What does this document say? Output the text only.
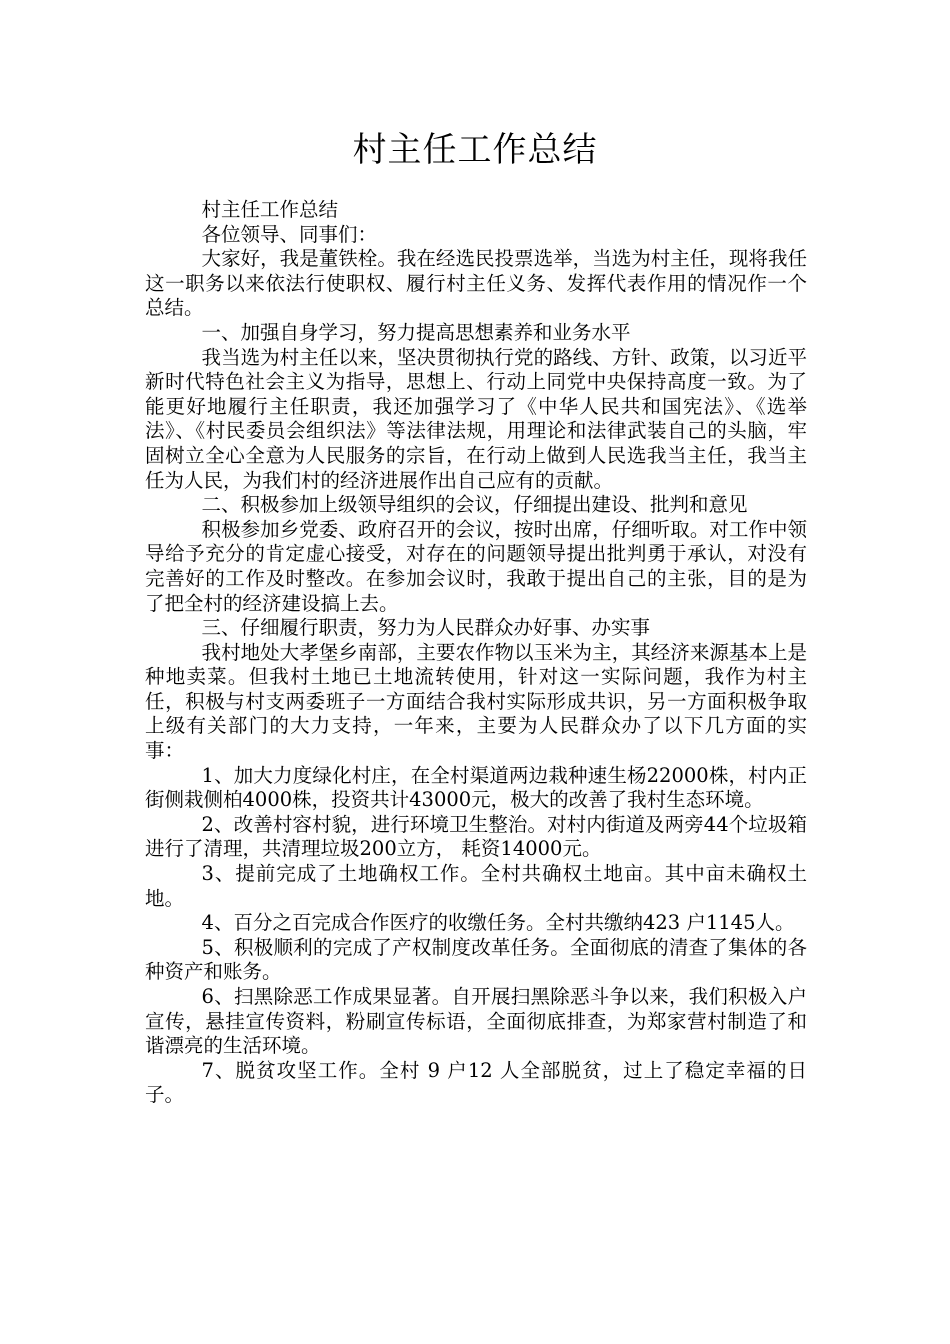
村主任工作总结

村主任工作总结

各位领导、同事们：

大家好，我是董铁栓。我在经选民投票选举，当选为村主任，现将我任这一职务以来依法行使职权、履行村主任义务、发挥代表作用的情况作一个总结。

一、加强自身学习，努力提高思想素养和业务水平

我当选为村主任以来，坚决贯彻执行党的路线、方针、政策，以习近平新时代特色社会主义为指导，思想上、行动上同党中央保持高度一致。为了能更好地履行主任职责，我还加强学习了《中华人民共和国宪法》、《选举法》、《村民委员会组织法》等法律法规，用理论和法律武装自己的头脑，牢固树立全心全意为人民服务的宗旨，在行动上做到人民选我当主任，我当主任为人民，为我们村的经济进展作出自己应有的贡献。

二、积极参加上级领导组织的会议，仔细提出建设、批判和意见

积极参加乡党委、政府召开的会议，按时出席，仔细听取。对工作中领导给予充分的肯定虚心接受，对存在的问题领导提出批判勇于承认，对没有完善好的工作及时整改。在参加会议时，我敢于提出自己的主张，目的是为了把全村的经济建设搞上去。

三、仔细履行职责，努力为人民群众办好事、办实事

我村地处大孝堡乡南部，主要农作物以玉米为主，其经济来源基本上是种地卖菜。但我村土地已土地流转使用，针对这一实际问题，我作为村主任，积极与村支两委班子一方面结合我村实际形成共识，另一方面积极争取上级有关部门的大力支持，一年来，主要为人民群众办了以下几方面的实事：

1、加大力度绿化村庄，在全村渠道两边栽种速生杨22000株，村内正街侧栽侧柏4000株，投资共计43000元，极大的改善了我村生态环境。

2、改善村容村貌，进行环境卫生整治。对村内街道及两旁44个垃圾箱进行了清理，共清理垃圾200立方， 耗资14000元。

3、提前完成了土地确权工作。全村共确权土地亩。其中亩未确权土地。

4、百分之百完成合作医疗的收缴任务。全村共缴纳423 户1145人。

5、积极顺利的完成了产权制度改革任务。全面彻底的清查了集体的各种资产和账务。

6、扫黑除恶工作成果显著。自开展扫黑除恶斗争以来，我们积极入户宣传，悬挂宣传资料，粉刷宣传标语，全面彻底排查，为郑家营村制造了和谐漂亮的生活环境。

7、脱贫攻坚工作。全村 9 户12 人全部脱贫，过上了稳定幸福的日子。
